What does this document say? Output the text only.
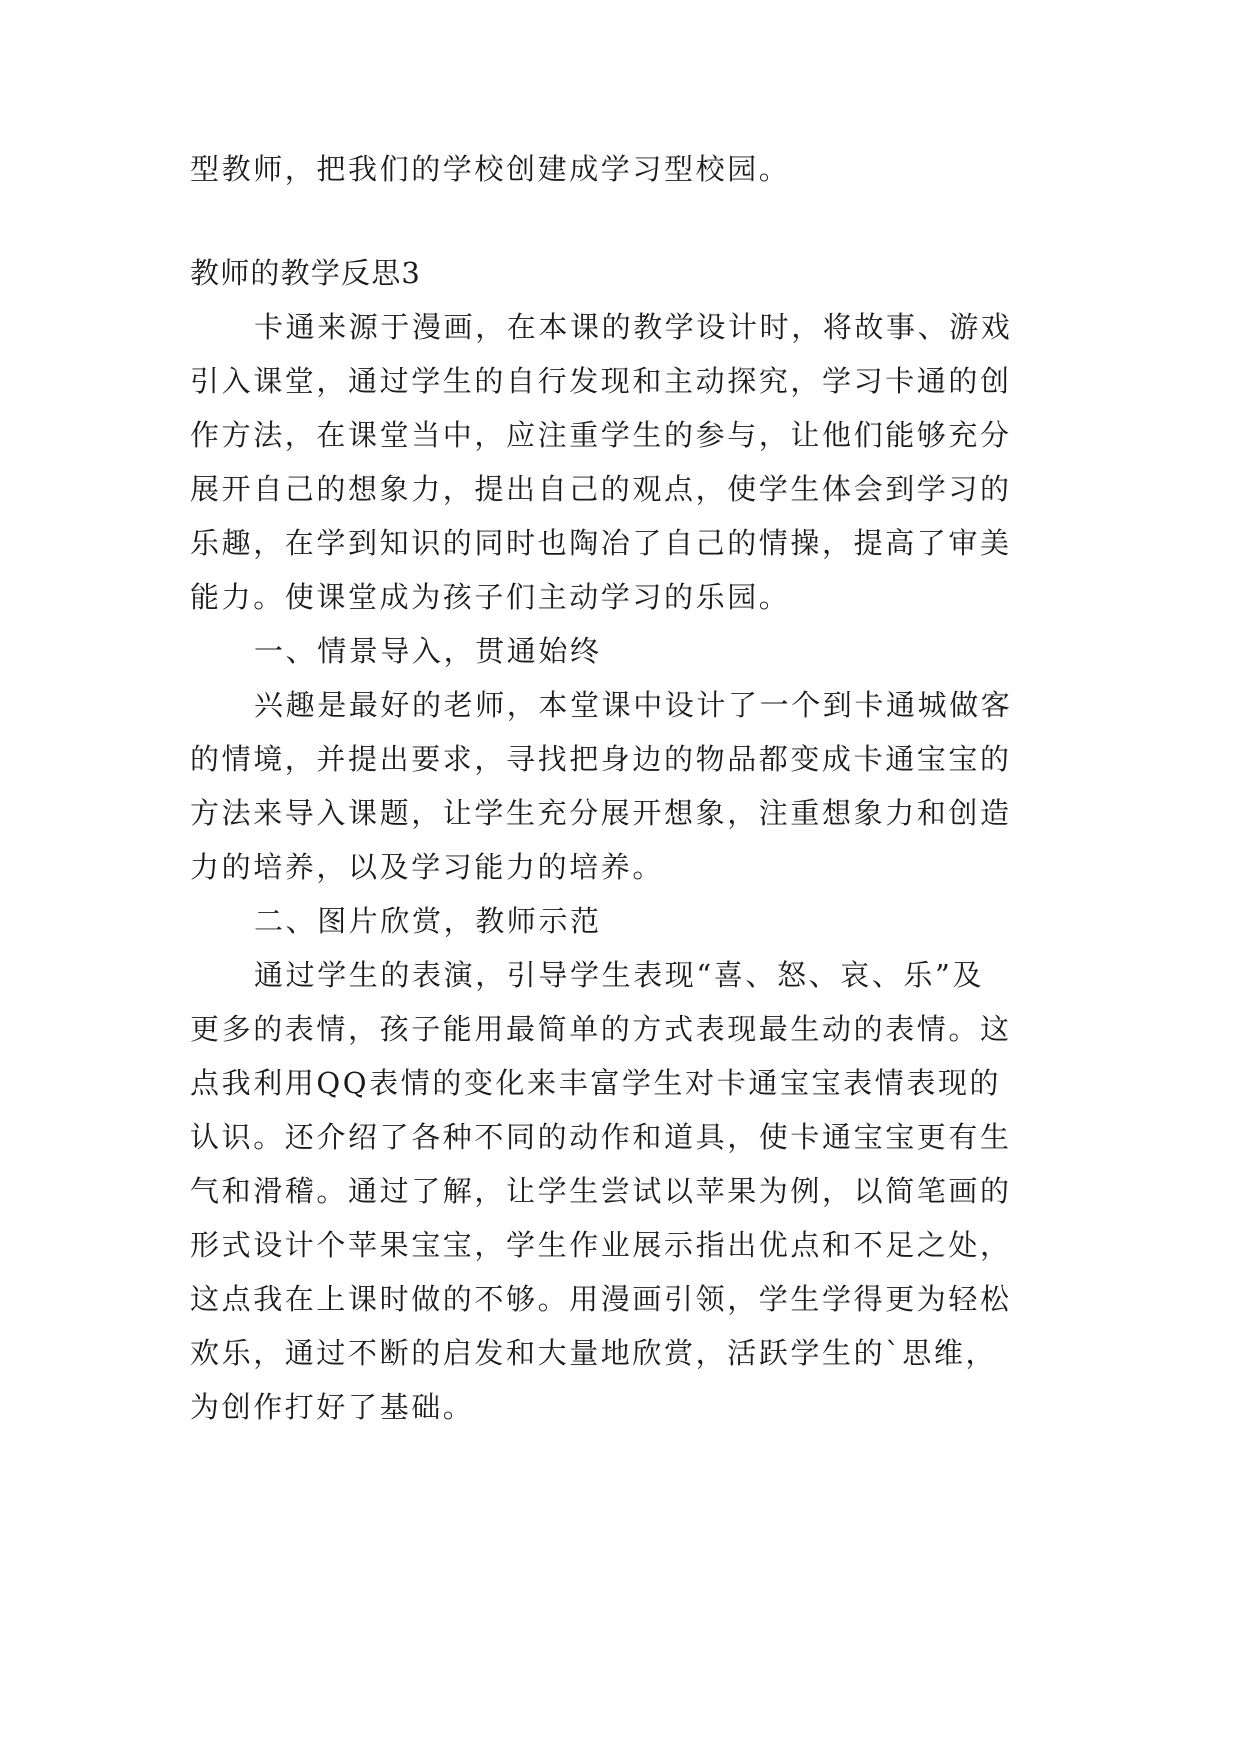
型教师，把我们的学校创建成学习型校园。
教师的教学反思3
卡通来源于漫画，在本课的教学设计时，将故事、游戏
引入课堂，通过学生的自行发现和主动探究，学习卡通的创
作方法，在课堂当中，应注重学生的参与，让他们能够充分
展开自己的想象力，提出自己的观点，使学生体会到学习的
乐趣，在学到知识的同时也陶冶了自己的情操，提高了审美
能力。使课堂成为孩子们主动学习的乐园。
一、情景导入，贯通始终
兴趣是最好的老师，本堂课中设计了一个到卡通城做客
的情境，并提出要求，寻找把身边的物品都变成卡通宝宝的
方法来导入课题，让学生充分展开想象，注重想象力和创造
力的培养，以及学习能力的培养。
二、图片欣赏，教师示范
通过学生的表演，引导学生表现“喜、怒、哀、乐”及
更多的表情，孩子能用最简单的方式表现最生动的表情。这
点我利用QQ表情的变化来丰富学生对卡通宝宝表情表现的
认识。还介绍了各种不同的动作和道具，使卡通宝宝更有生
气和滑稽。通过了解，让学生尝试以苹果为例，以简笔画的
形式设计个苹果宝宝，学生作业展示指出优点和不足之处，
这点我在上课时做的不够。用漫画引领，学生学得更为轻松
欢乐，通过不断的启发和大量地欣赏，活跃学生的`思维，
为创作打好了基础。
